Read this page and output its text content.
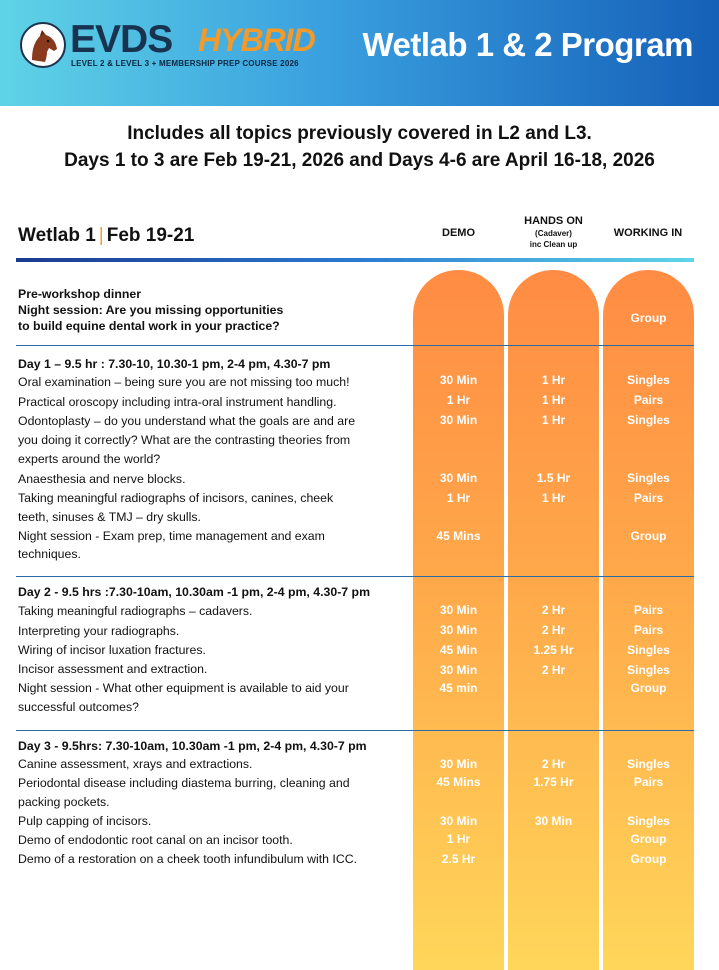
EVDS HYBRID
LEVEL 2 & LEVEL 3 + MEMBERSHIP PREP COURSE 2026
Wetlab 1 & 2 Program
Includes all topics previously covered in L2 and L3.
Days 1 to 3 are Feb 19-21, 2026 and Days 4-6 are April 16-18, 2026
Wetlab 1 | Feb 19-21	DEMO
HANDS ON
(Cadaver)
inc Clean up
WORKING IN
Pre-workshop dinner
Night session: Are you missing opportunities
to build equine dental work in your practice?
Group
Day 1 – 9.5 hr : 7.30-10, 10.30-1 pm, 2-4 pm, 4.30-7 pm
Oral examination – being sure you are not missing too much!
Practical oroscopy including intra-oral instrument handling.
Odontoplasty – do you understand what the goals are and are
you doing it correctly? What are the contrasting theories from
experts around the world?
Anaesthesia and nerve blocks.
Taking meaningful radiographs of incisors, canines, cheek
teeth, sinuses & TMJ – dry skulls.
Night session - Exam prep, time management and exam
techniques.
30 Min
1 Hr
30 Min
30 Min
1 Hr
45 Mins
1 Hr
1 Hr
1 Hr
1.5 Hr
1 Hr
Singles
Pairs
Singles
Singles
Pairs
Group
Day 2 - 9.5 hrs :7.30-10am, 10.30am -1 pm, 2-4 pm, 4.30-7 pm
Taking meaningful radiographs – cadavers.
Interpreting your radiographs.
Wiring of incisor luxation fractures.
Incisor assessment and extraction.
Night session - What other equipment is available to aid your
successful outcomes?
30 Min
30 Min
45 Min
30 Min
45 min
2 Hr
2 Hr
1.25 Hr
2 Hr
Pairs
Pairs
Singles
Singles
Group
Day 3 - 9.5hrs: 7.30-10am, 10.30am -1 pm, 2-4 pm, 4.30-7 pm
Canine assessment, xrays and extractions.
Periodontal disease including diastema burring, cleaning and
packing pockets.
Pulp capping of incisors.
Demo of endodontic root canal on an incisor tooth.
Demo of a restoration on a cheek tooth infundibulum with ICC.
30 Min
45 Mins
30 Min
1 Hr
2.5 Hr
2 Hr
1.75 Hr
30 Min
Singles
Pairs
Singles
Group
Group
